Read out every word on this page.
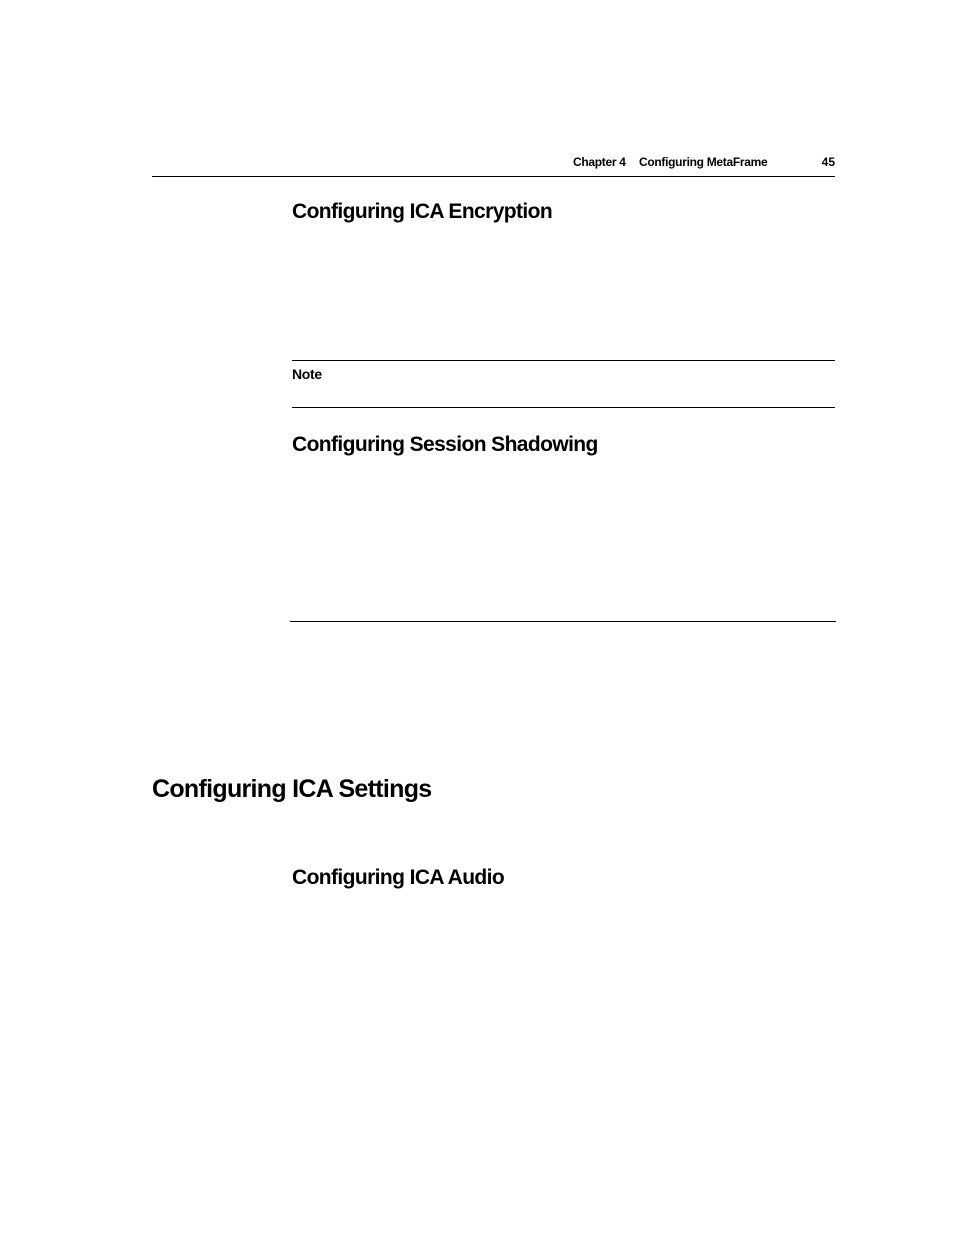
Chapter 4 Configuring MetaFrame	45
Configuring ICA Encryption
Note
Configuring Session Shadowing
Configuring ICA Settings
Configuring ICA Audio
